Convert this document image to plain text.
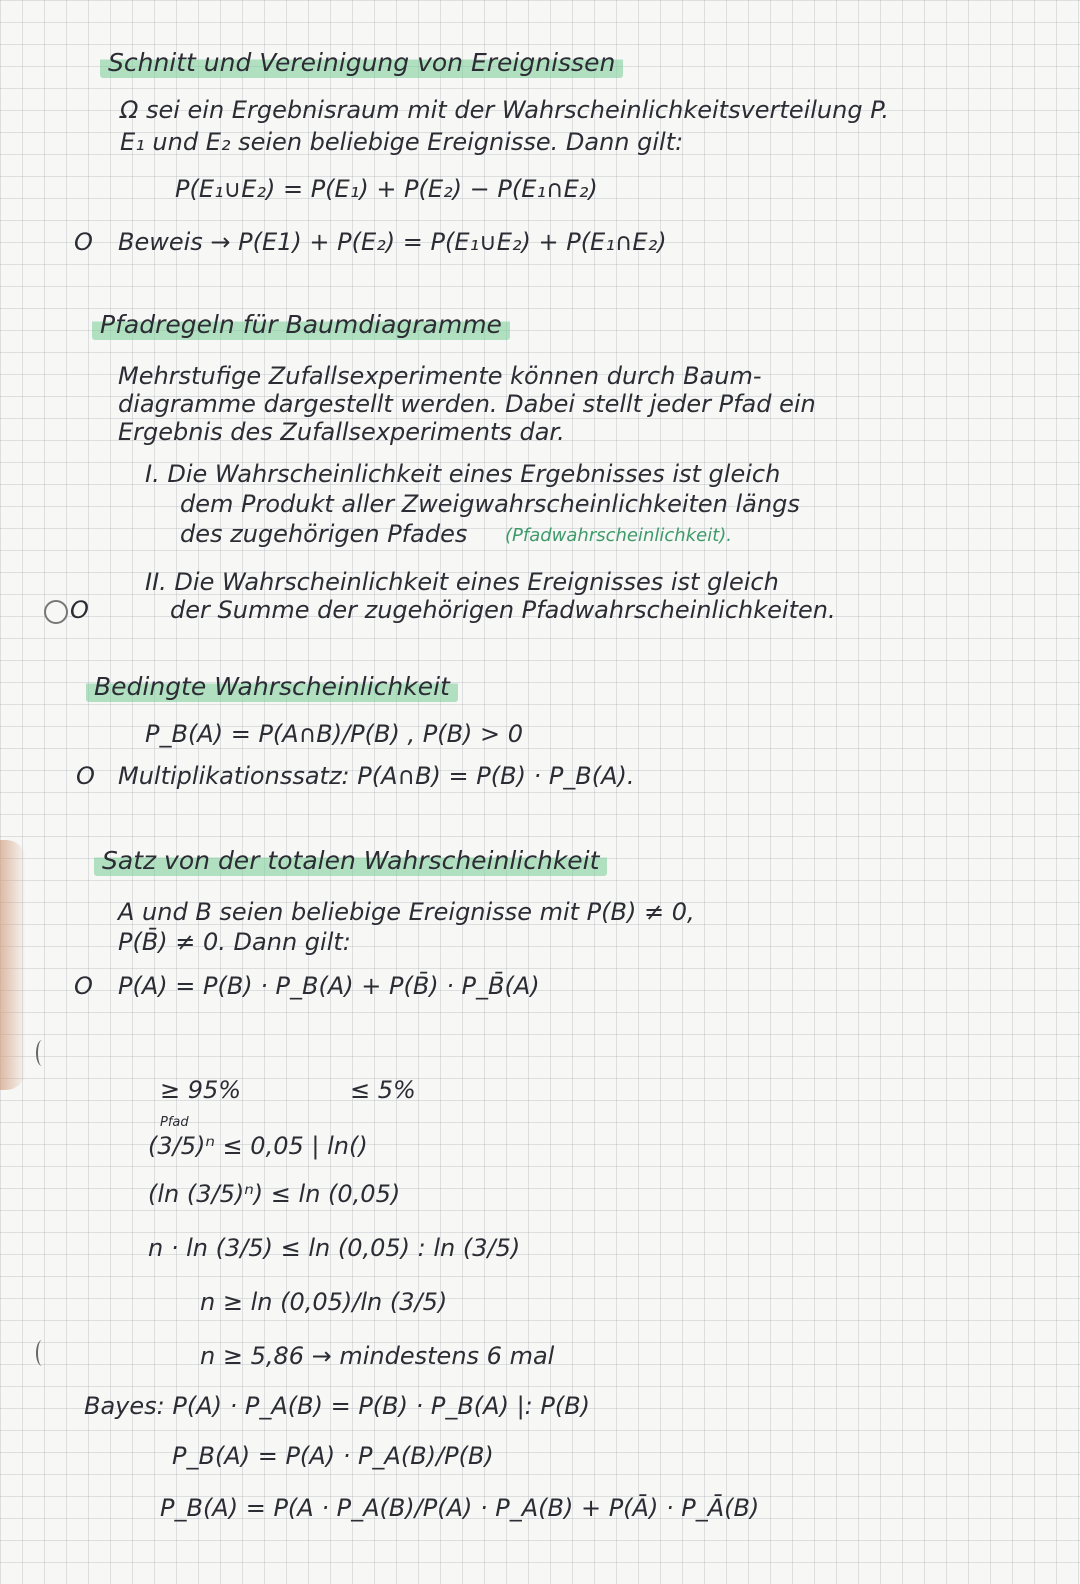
Schnitt und Vereinigung von Ereignissen
Ω sei ein Ergebnisraum mit der Wahrscheinlichkeitsverteilung P.
E₁ und E₂ seien beliebige Ereignisse. Dann gilt:
P(E₁∪E₂) = P(E₁) + P(E₂) − P(E₁∩E₂)
O Beweis → P(E1) + P(E₂) = P(E₁∪E₂) + P(E₁∩E₂)
Pfadregeln für Baumdiagramme
Mehrstufige Zufallsexperimente können durch Baum-
diagramme dargestellt werden. Dabei stellt jeder Pfad ein
Ergebnis des Zufallsexperiments dar.
I. Die Wahrscheinlichkeit eines Ergebnisses ist gleich
dem Produkt aller Zweigwahrscheinlichkeiten längs
des zugehörigen Pfades (Pfadwahrscheinlichkeit).
II. Die Wahrscheinlichkeit eines Ereignisses ist gleich
O	der Summe der zugehörigen Pfadwahrscheinlichkeiten.
Bedingte Wahrscheinlichkeit
P_B(A) = P(A∩B)/P(B) , P(B) > 0
O Multiplikationssatz: P(A∩B) = P(B) · P_B(A).
Satz von der totalen Wahrscheinlichkeit
A und B seien beliebige Ereignisse mit P(B) ≠ 0,
P(B̄) ≠ 0. Dann gilt:
O P(A) = P(B) · P_B(A) + P(B̄) · P_B̄(A)
≥ 95%	≤ 5%
Pfad
(3/5)ⁿ ≤ 0,05 | ln()
(ln (3/5)ⁿ) ≤ ln (0,05)
n · ln (3/5) ≤ ln (0,05) : ln (3/5)
n ≥ ln (0,05)/ln (3/5)
n ≥ 5,86 → mindestens 6 mal
Bayes: P(A) · P_A(B) = P(B) · P_B(A) |: P(B)
P_B(A) = P(A) · P_A(B)/P(B)
P_B(A) = P(A · P_A(B)/P(A) · P_A(B) + P(Ā) · P_Ā(B)
